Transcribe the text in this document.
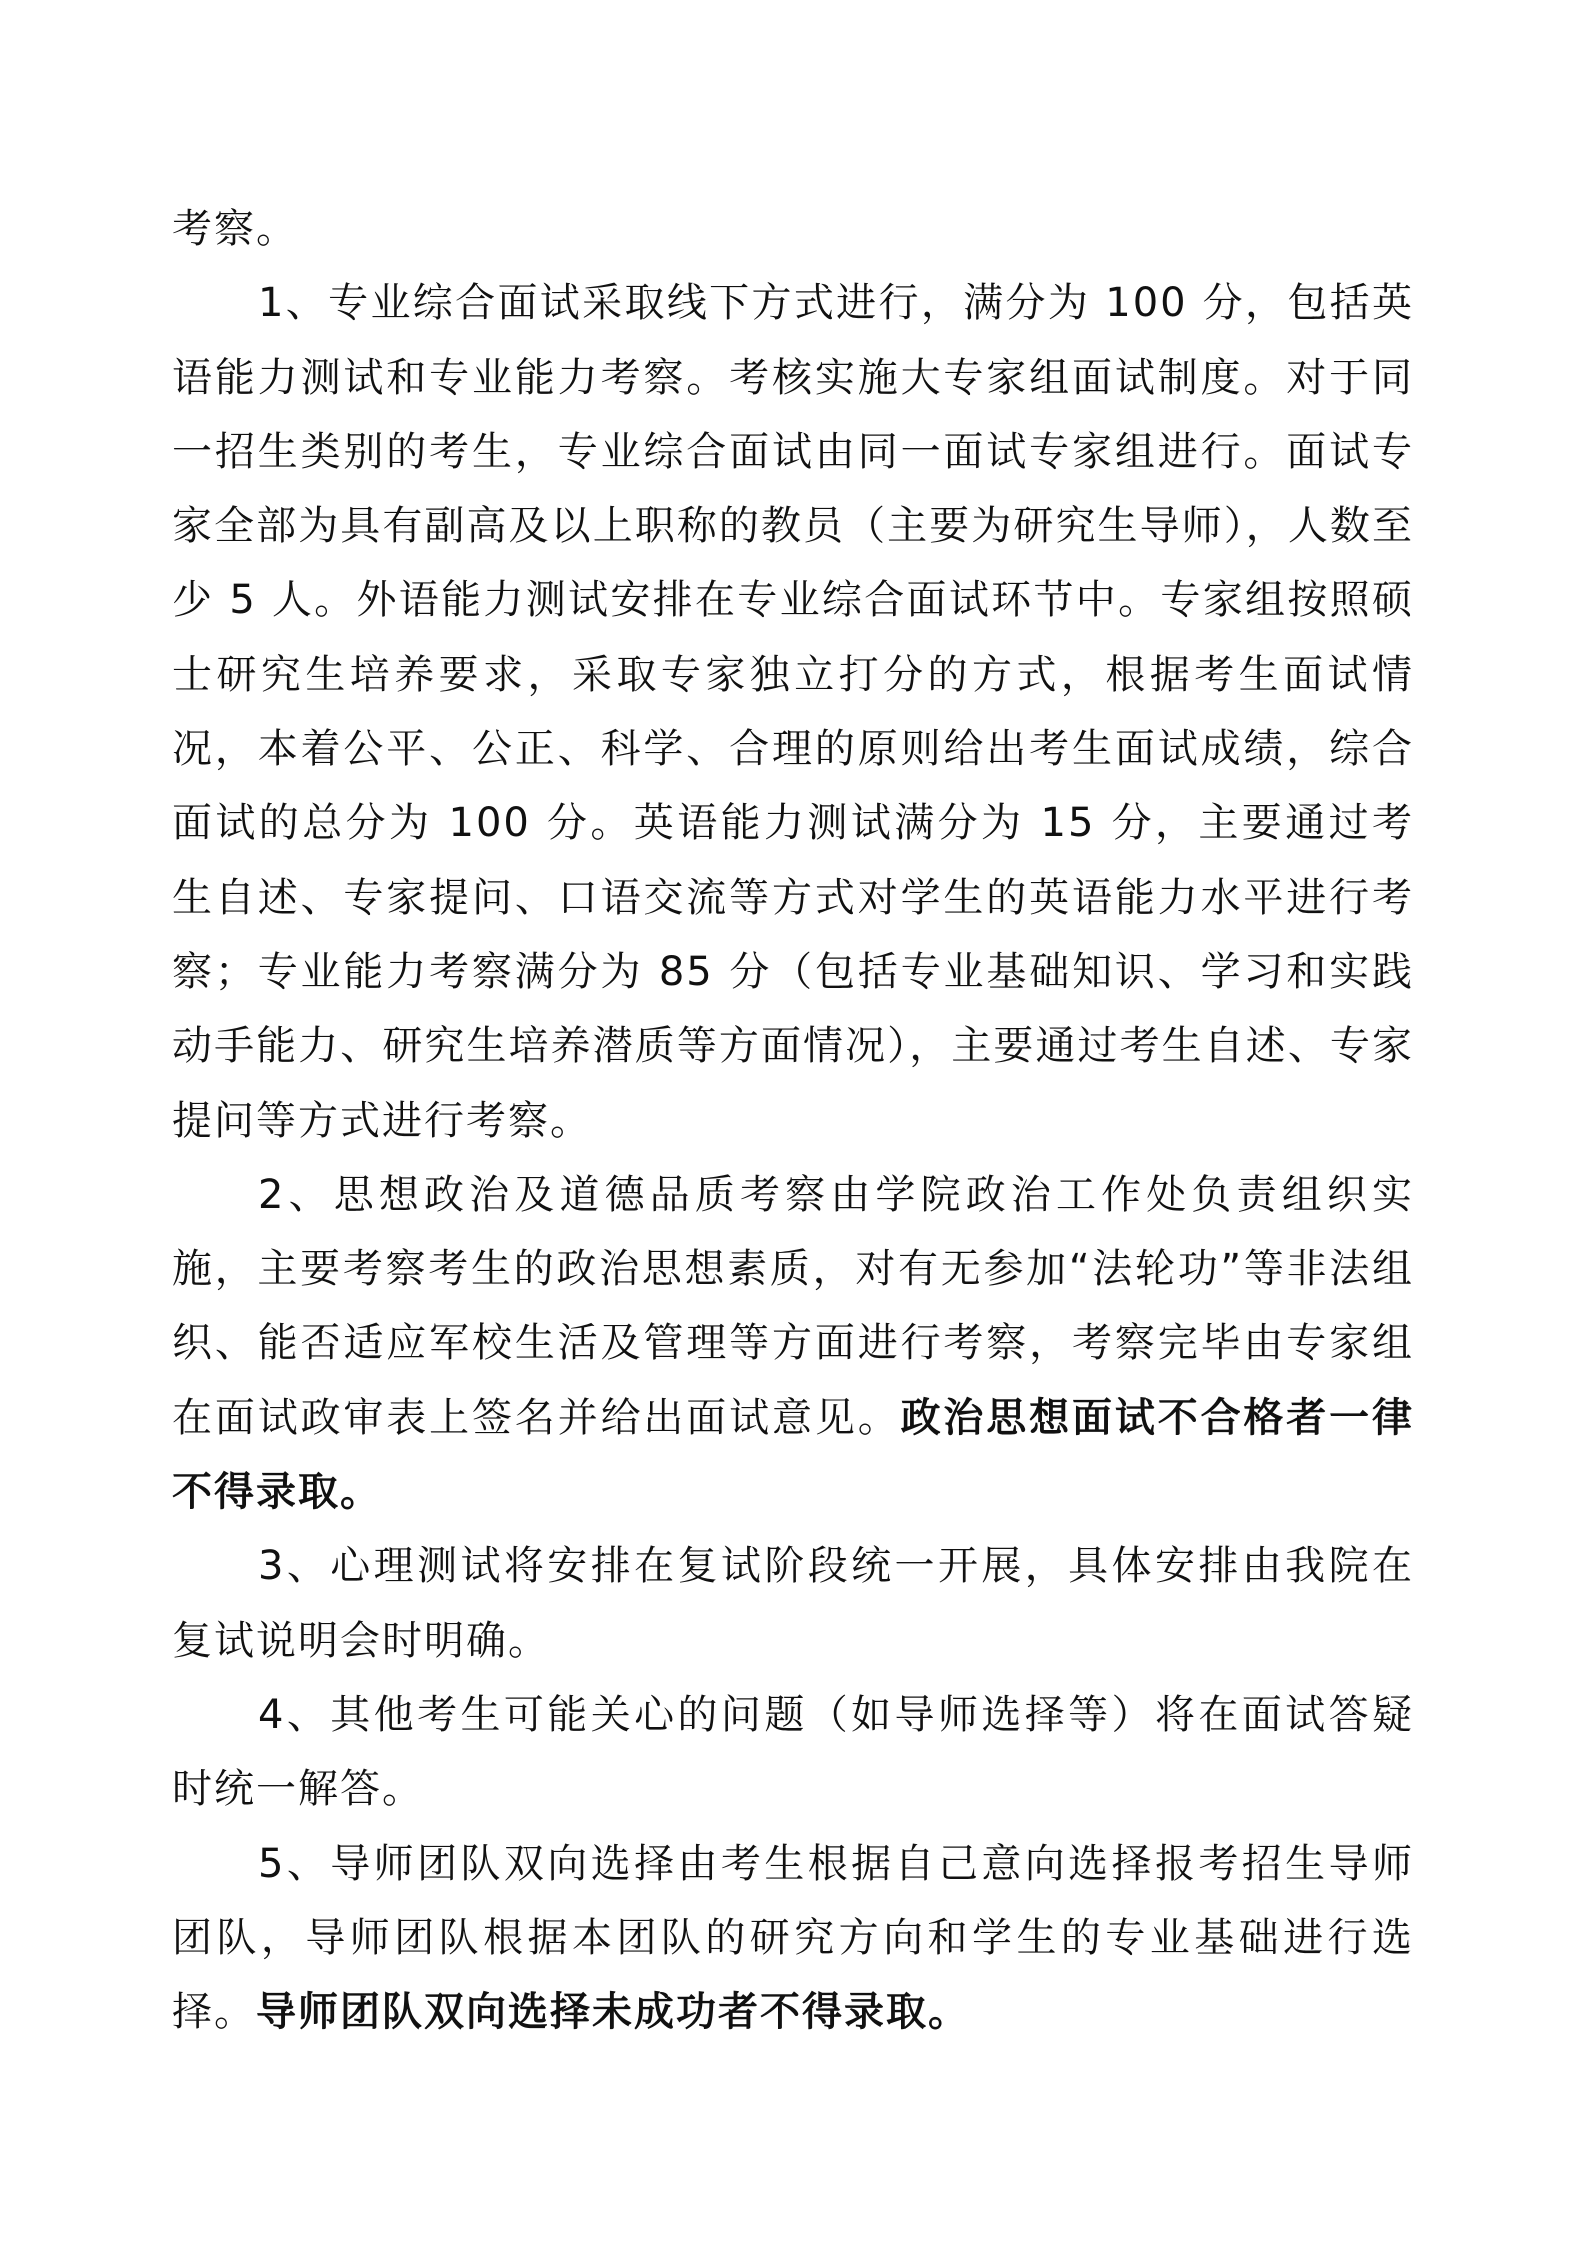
考察。

1、专业综合面试采取线下方式进行，满分为 100 分，包括英语能力测试和专业能力考察。考核实施大专家组面试制度。对于同一招生类别的考生，专业综合面试由同一面试专家组进行。面试专家全部为具有副高及以上职称的教员（主要为研究生导师），人数至少 5 人。外语能力测试安排在专业综合面试环节中。专家组按照硕士研究生培养要求，采取专家独立打分的方式，根据考生面试情况，本着公平、公正、科学、合理的原则给出考生面试成绩，综合面试的总分为 100 分。英语能力测试满分为 15 分，主要通过考生自述、专家提问、口语交流等方式对学生的英语能力水平进行考察；专业能力考察满分为 85 分（包括专业基础知识、学习和实践动手能力、研究生培养潜质等方面情况），主要通过考生自述、专家提问等方式进行考察。

2、思想政治及道德品质考察由学院政治工作处负责组织实施，主要考察考生的政治思想素质，对有无参加“法轮功”等非法组织、能否适应军校生活及管理等方面进行考察，考察完毕由专家组在面试政审表上签名并给出面试意见。政治思想面试不合格者一律不得录取。

3、心理测试将安排在复试阶段统一开展，具体安排由我院在复试说明会时明确。

4、其他考生可能关心的问题（如导师选择等）将在面试答疑时统一解答。

5、导师团队双向选择由考生根据自己意向选择报考招生导师团队，导师团队根据本团队的研究方向和学生的专业基础进行选择。导师团队双向选择未成功者不得录取。
